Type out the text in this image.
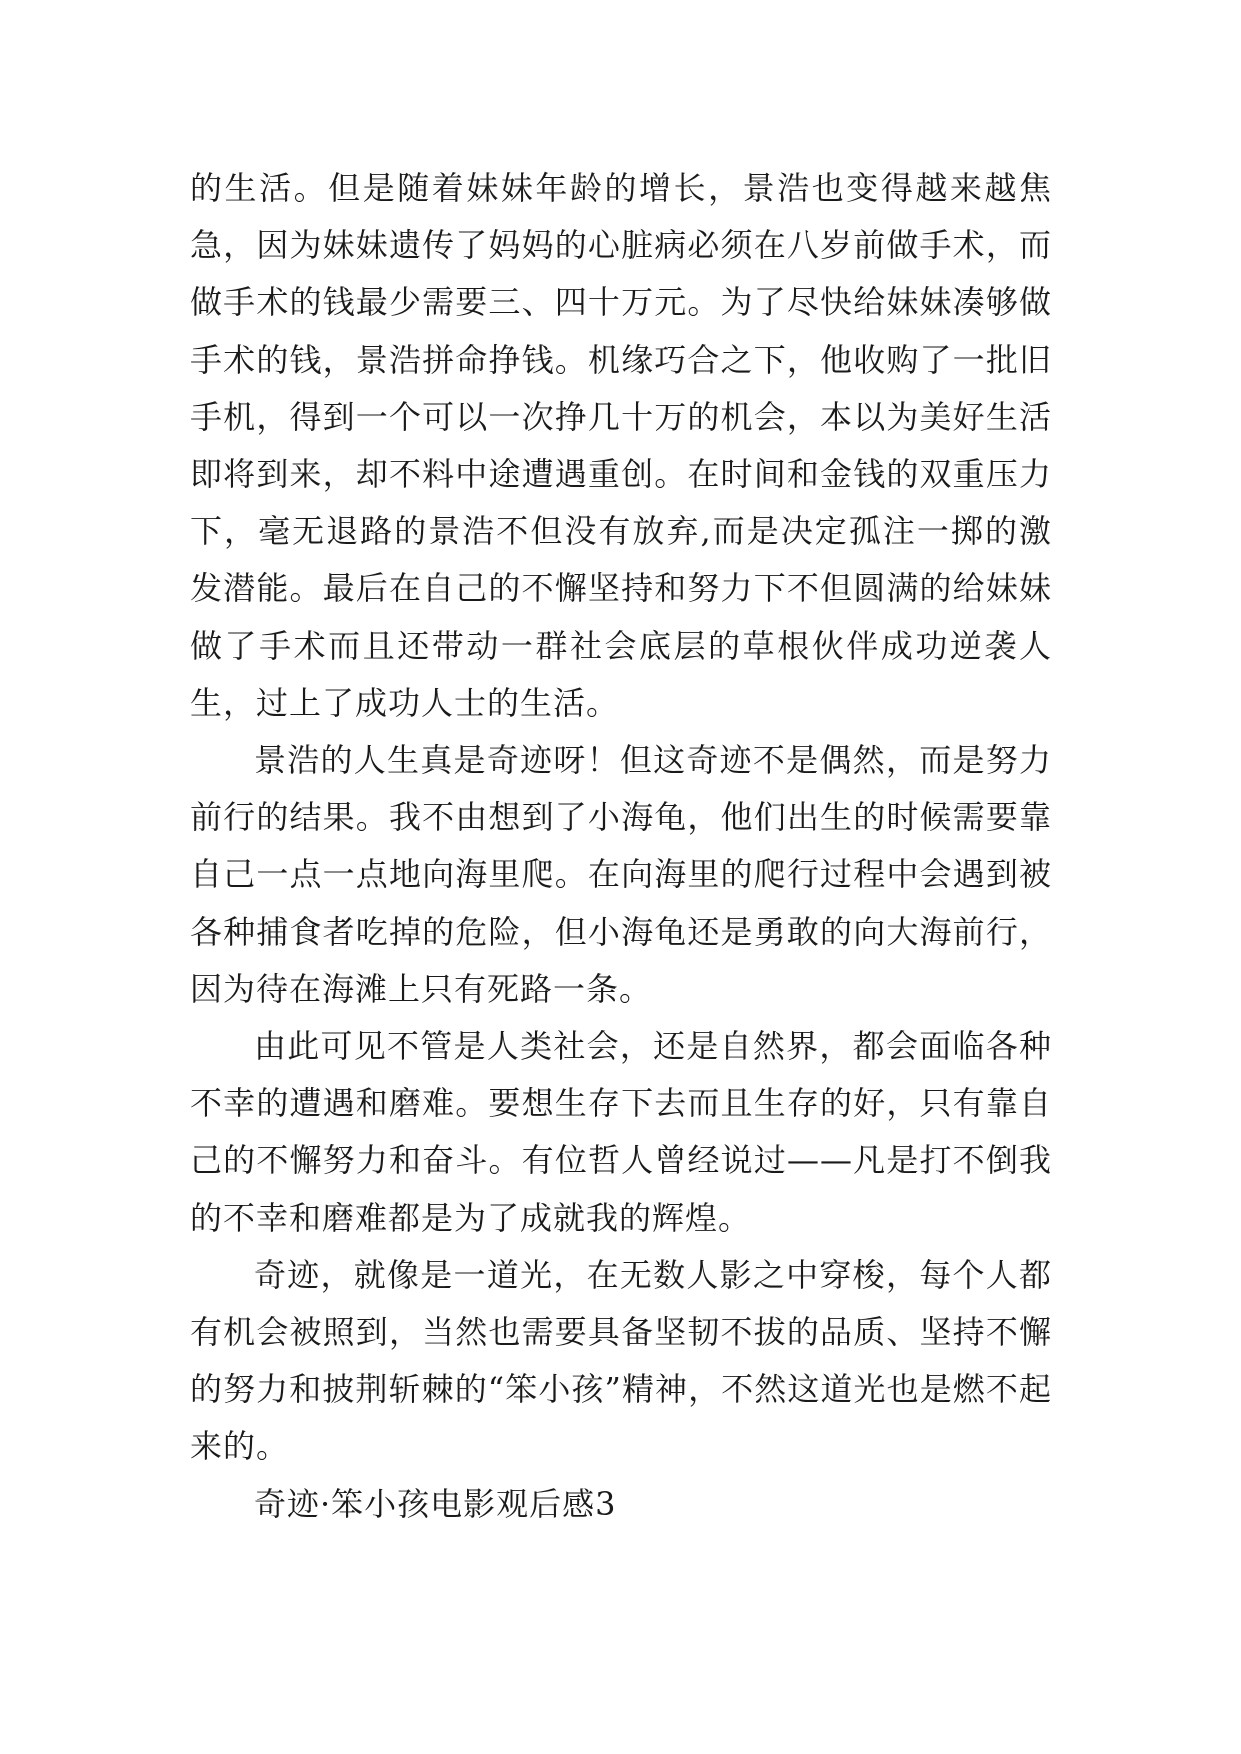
的生活。但是随着妹妹年龄的增长，景浩也变得越来越焦急，因为妹妹遗传了妈妈的心脏病必须在八岁前做手术，而做手术的钱最少需要三、四十万元。为了尽快给妹妹凑够做手术的钱，景浩拼命挣钱。机缘巧合之下，他收购了一批旧手机，得到一个可以一次挣几十万的机会，本以为美好生活即将到来，却不料中途遭遇重创。在时间和金钱的双重压力下，毫无退路的景浩不但没有放弃,而是决定孤注一掷的激发潜能。最后在自己的不懈坚持和努力下不但圆满的给妹妹做了手术而且还带动一群社会底层的草根伙伴成功逆袭人生，过上了成功人士的生活。

景浩的人生真是奇迹呀！但这奇迹不是偶然，而是努力前行的结果。我不由想到了小海龟，他们出生的时候需要靠自己一点一点地向海里爬。在向海里的爬行过程中会遇到被各种捕食者吃掉的危险，但小海龟还是勇敢的向大海前行，因为待在海滩上只有死路一条。

由此可见不管是人类社会，还是自然界，都会面临各种不幸的遭遇和磨难。要想生存下去而且生存的好，只有靠自己的不懈努力和奋斗。有位哲人曾经说过——凡是打不倒我的不幸和磨难都是为了成就我的辉煌。

奇迹，就像是一道光，在无数人影之中穿梭，每个人都有机会被照到，当然也需要具备坚韧不拔的品质、坚持不懈的努力和披荆斩棘的“笨小孩”精神，不然这道光也是燃不起来的。

奇迹·笨小孩电影观后感3
